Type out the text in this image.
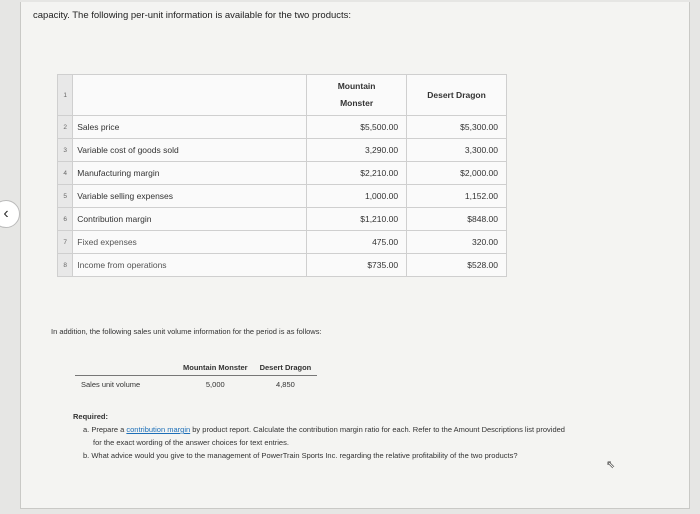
capacity. The following per-unit information is available for the two products:
1		Mountain
Monster	Desert Dragon
2	Sales price	$5,500.00	$5,300.00
3	Variable cost of goods sold	3,290.00	3,300.00
4	Manufacturing margin	$2,210.00	$2,000.00
5	Variable selling expenses	1,000.00	1,152.00
6	Contribution margin	$1,210.00	$848.00
7	Fixed expenses	475.00	320.00
8	Income from operations	$735.00	$528.00
In addition, the following sales unit volume information for the period is as follows:
	Mountain Monster	Desert Dragon
Sales unit volume	5,000	4,850
Required:
a. Prepare a contribution margin by product report. Calculate the contribution margin ratio for each. Refer to the Amount Descriptions list provided
for the exact wording of the answer choices for text entries.
b. What advice would you give to the management of PowerTrain Sports Inc. regarding the relative profitability of the two products?
⇖
‹
